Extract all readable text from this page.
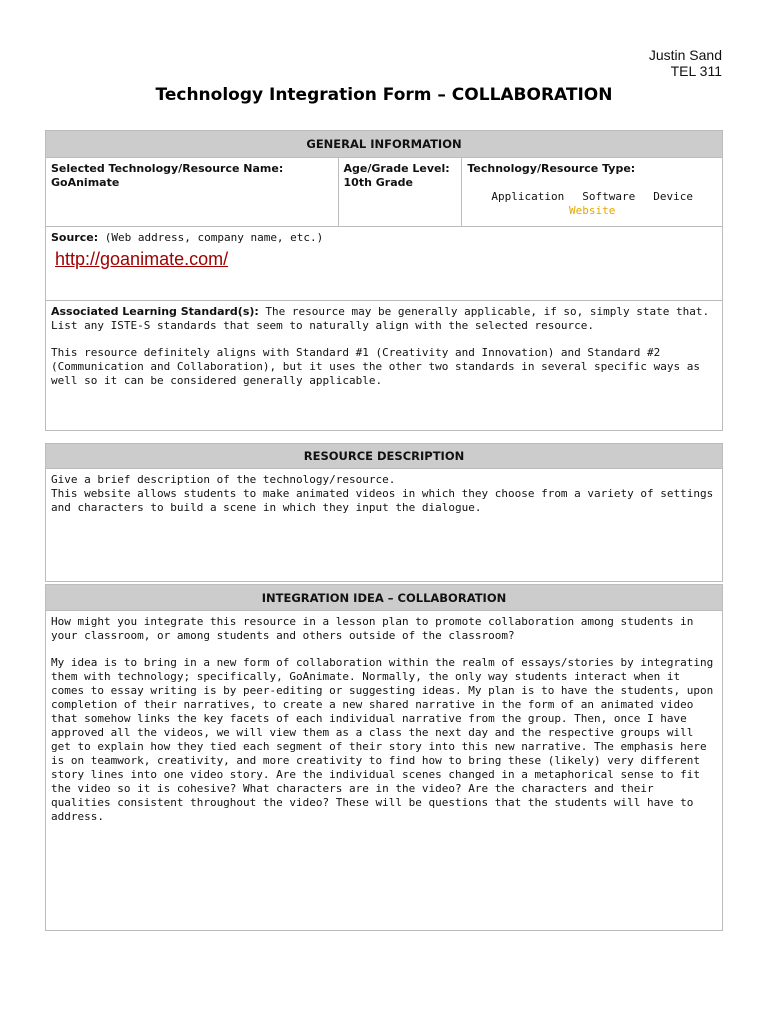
Justin Sand
TEL 311
Technology Integration Form – COLLABORATION
GENERAL INFORMATION

Selected Technology/Resource Name:
GoAnimate

Age/Grade Level:
10th Grade

Technology/Resource Type:
Application Software Device
Website

Source: (Web address, company name, etc.)
http://goanimate.com/

Associated Learning Standard(s): The resource may be generally applicable, if so, simply state that. List any ISTE-S standards that seem to naturally align with the selected resource.

This resource definitely aligns with Standard #1 (Creativity and Innovation) and Standard #2 (Communication and Collaboration), but it uses the other two standards in several specific ways as well so it can be considered generally applicable.

RESOURCE DESCRIPTION

Give a brief description of the technology/resource.
This website allows students to make animated videos in which they choose from a variety of settings and characters to build a scene in which they input the dialogue.
INTEGRATION IDEA – COLLABORATION

How might you integrate this resource in a lesson plan to promote collaboration among students in your classroom, or among students and others outside of the classroom?

My idea is to bring in a new form of collaboration within the realm of essays/stories by integrating them with technology; specifically, GoAnimate. Normally, the only way students interact when it comes to essay writing is by peer-editing or suggesting ideas. My plan is to have the students, upon completion of their narratives, to create a new shared narrative in the form of an animated video that somehow links the key facets of each individual narrative from the group. Then, once I have approved all the videos, we will view them as a class the next day and the respective groups will get to explain how they tied each segment of their story into this new narrative. The emphasis here is on teamwork, creativity, and more creativity to find how to bring these (likely) very different story lines into one video story. Are the individual scenes changed in a metaphorical sense to fit the video so it is cohesive? What characters are in the video? Are the characters and their qualities consistent throughout the video? These will be questions that the students will have to address.
